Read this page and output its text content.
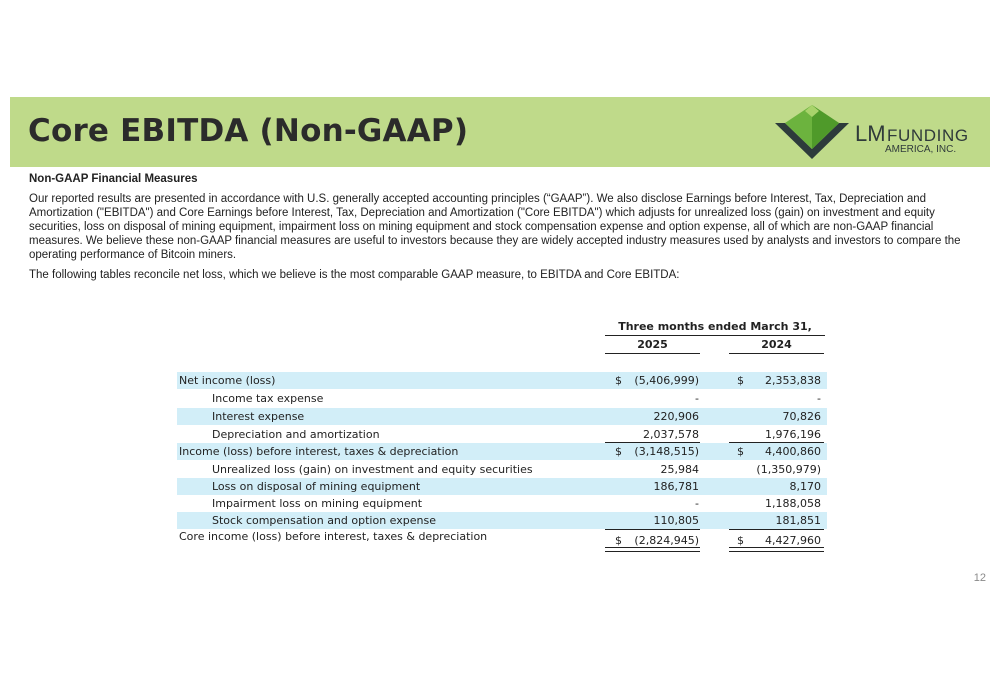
Core EBITDA (Non-GAAP)	LM FUNDING
AMERICA, INC.

Non-GAAP Financial Measures

Our reported results are presented in accordance with U.S. generally accepted accounting principles (“GAAP”). We also disclose Earnings before Interest, Tax, Depreciation and Amortization ("EBITDA") and Core Earnings before Interest, Tax, Depreciation and Amortization ("Core EBITDA") which adjusts for unrealized loss (gain) on investment and equity securities, loss on disposal of mining equipment, impairment loss on mining equipment and stock compensation expense and option expense, all of which are non-GAAP financial measures. We believe these non-GAAP financial measures are useful to investors because they are widely accepted industry measures used by analysts and investors to compare the operating performance of Bitcoin miners.

The following tables reconcile net loss, which we believe is the most comparable GAAP measure, to EBITDA and Core EBITDA:

Three months ended March 31,
2025	2024
Net income (loss)	$	(5,406,999)	$	2,353,838
Income tax expense	-	-
Interest expense	220,906	70,826
Depreciation and amortization	2,037,578	1,976,196
Income (loss) before interest, taxes & depreciation	$	(3,148,515)	$	4,400,860
Unrealized loss (gain) on investment and equity securities	25,984	(1,350,979)
Loss on disposal of mining equipment	186,781	8,170
Impairment loss on mining equipment	-	1,188,058
Stock compensation and option expense	110,805	181,851
Core income (loss) before interest, taxes & depreciation	$	(2,824,945)	$	4,427,960
12
